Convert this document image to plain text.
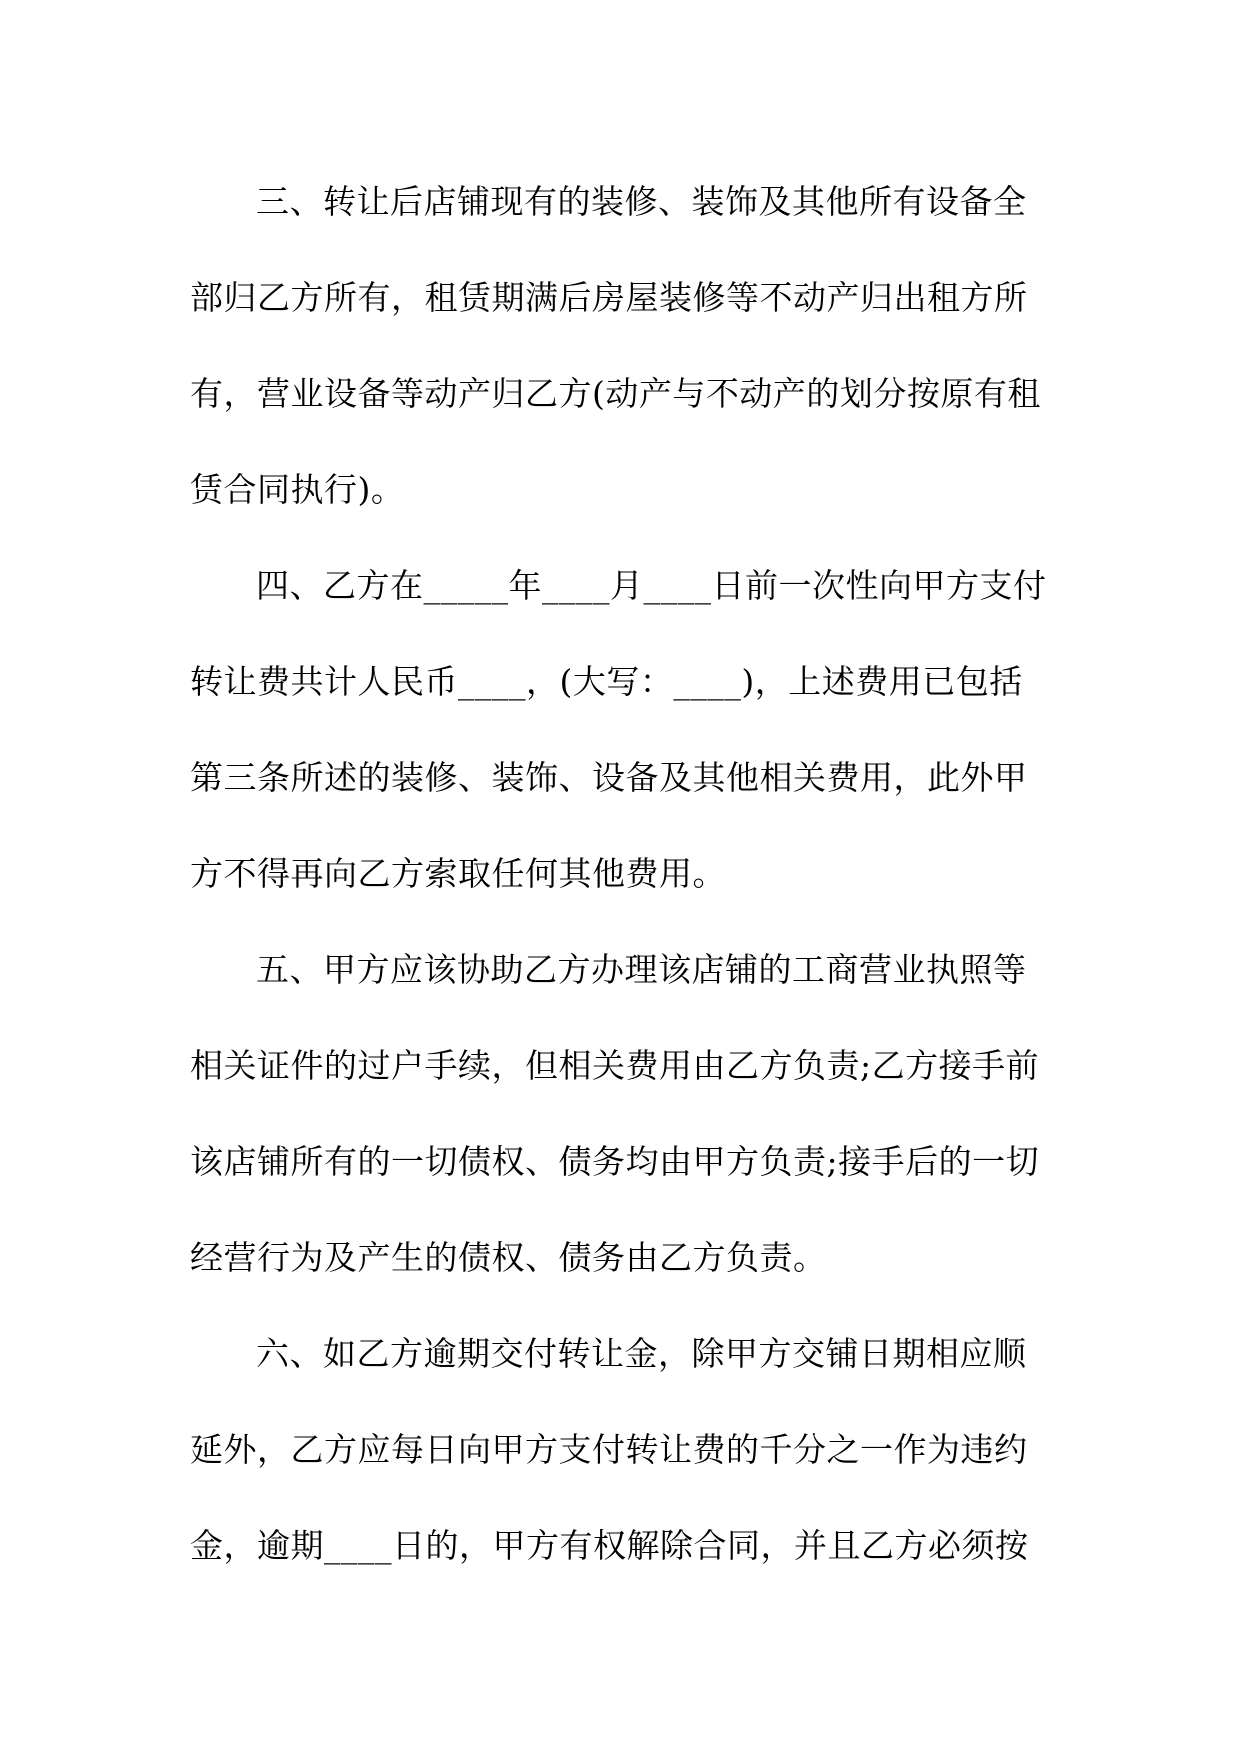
三、转让后店铺现有的装修、装饰及其他所有设备全
部归乙方所有，租赁期满后房屋装修等不动产归出租方所
有，营业设备等动产归乙方(动产与不动产的划分按原有租
赁合同执行)。
四、乙方在_____年____月____日前一次性向甲方支付
转让费共计人民币____，(大写：____)，上述费用已包括
第三条所述的装修、装饰、设备及其他相关费用，此外甲
方不得再向乙方索取任何其他费用。
五、甲方应该协助乙方办理该店铺的工商营业执照等
相关证件的过户手续，但相关费用由乙方负责;乙方接手前
该店铺所有的一切债权、债务均由甲方负责;接手后的一切
经营行为及产生的债权、债务由乙方负责。
六、如乙方逾期交付转让金，除甲方交铺日期相应顺
延外，乙方应每日向甲方支付转让费的千分之一作为违约
金，逾期____日的，甲方有权解除合同，并且乙方必须按
